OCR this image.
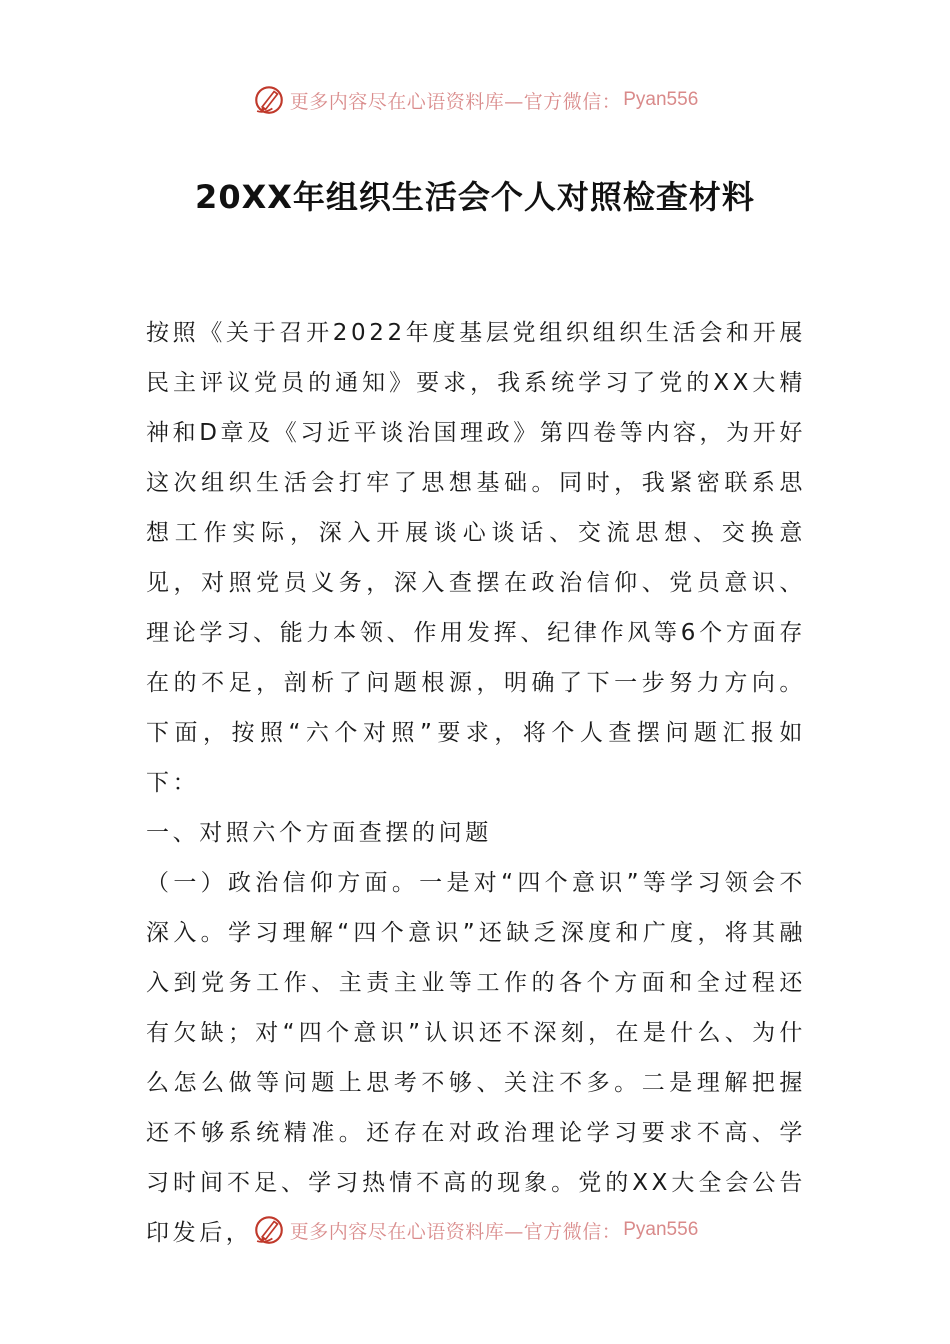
更多内容尽在心语资料库—官方微信： Pyan556
20XX年组织生活会个人对照检查材料

按照《关于召开2022年度基层党组织组织生活会和开展民主评议党员的通知》要求，我系统学习了党的XX大精神和D章及《习近平谈治国理政》第四卷等内容，为开好这次组织生活会打牢了思想基础。同时，我紧密联系思想工作实际，深入开展谈心谈话、交流思想、交换意见，对照党员义务，深入查摆在政治信仰、党员意识、理论学习、能力本领、作用发挥、纪律作风等6个方面存在的不足，剖析了问题根源，明确了下一步努力方向。下面，按照“六个对照”要求，将个人查摆问题汇报如下：

一、对照六个方面查摆的问题

（一）政治信仰方面。一是对“四个意识”等学习领会不深入。学习理解“四个意识”还缺乏深度和广度，将其融入到党务工作、主责主业等工作的各个方面和全过程还有欠缺；对“四个意识”认识还不深刻，在是什么、为什么怎么做等问题上思考不够、关注不多。二是理解把握还不够系统精准。还存在对政治理论学习要求不高、学习时间不足、学习热情不高的现象。党的XX大全会公告印发后，	更多内容尽在心语资料库—官方微信： Pyan556
